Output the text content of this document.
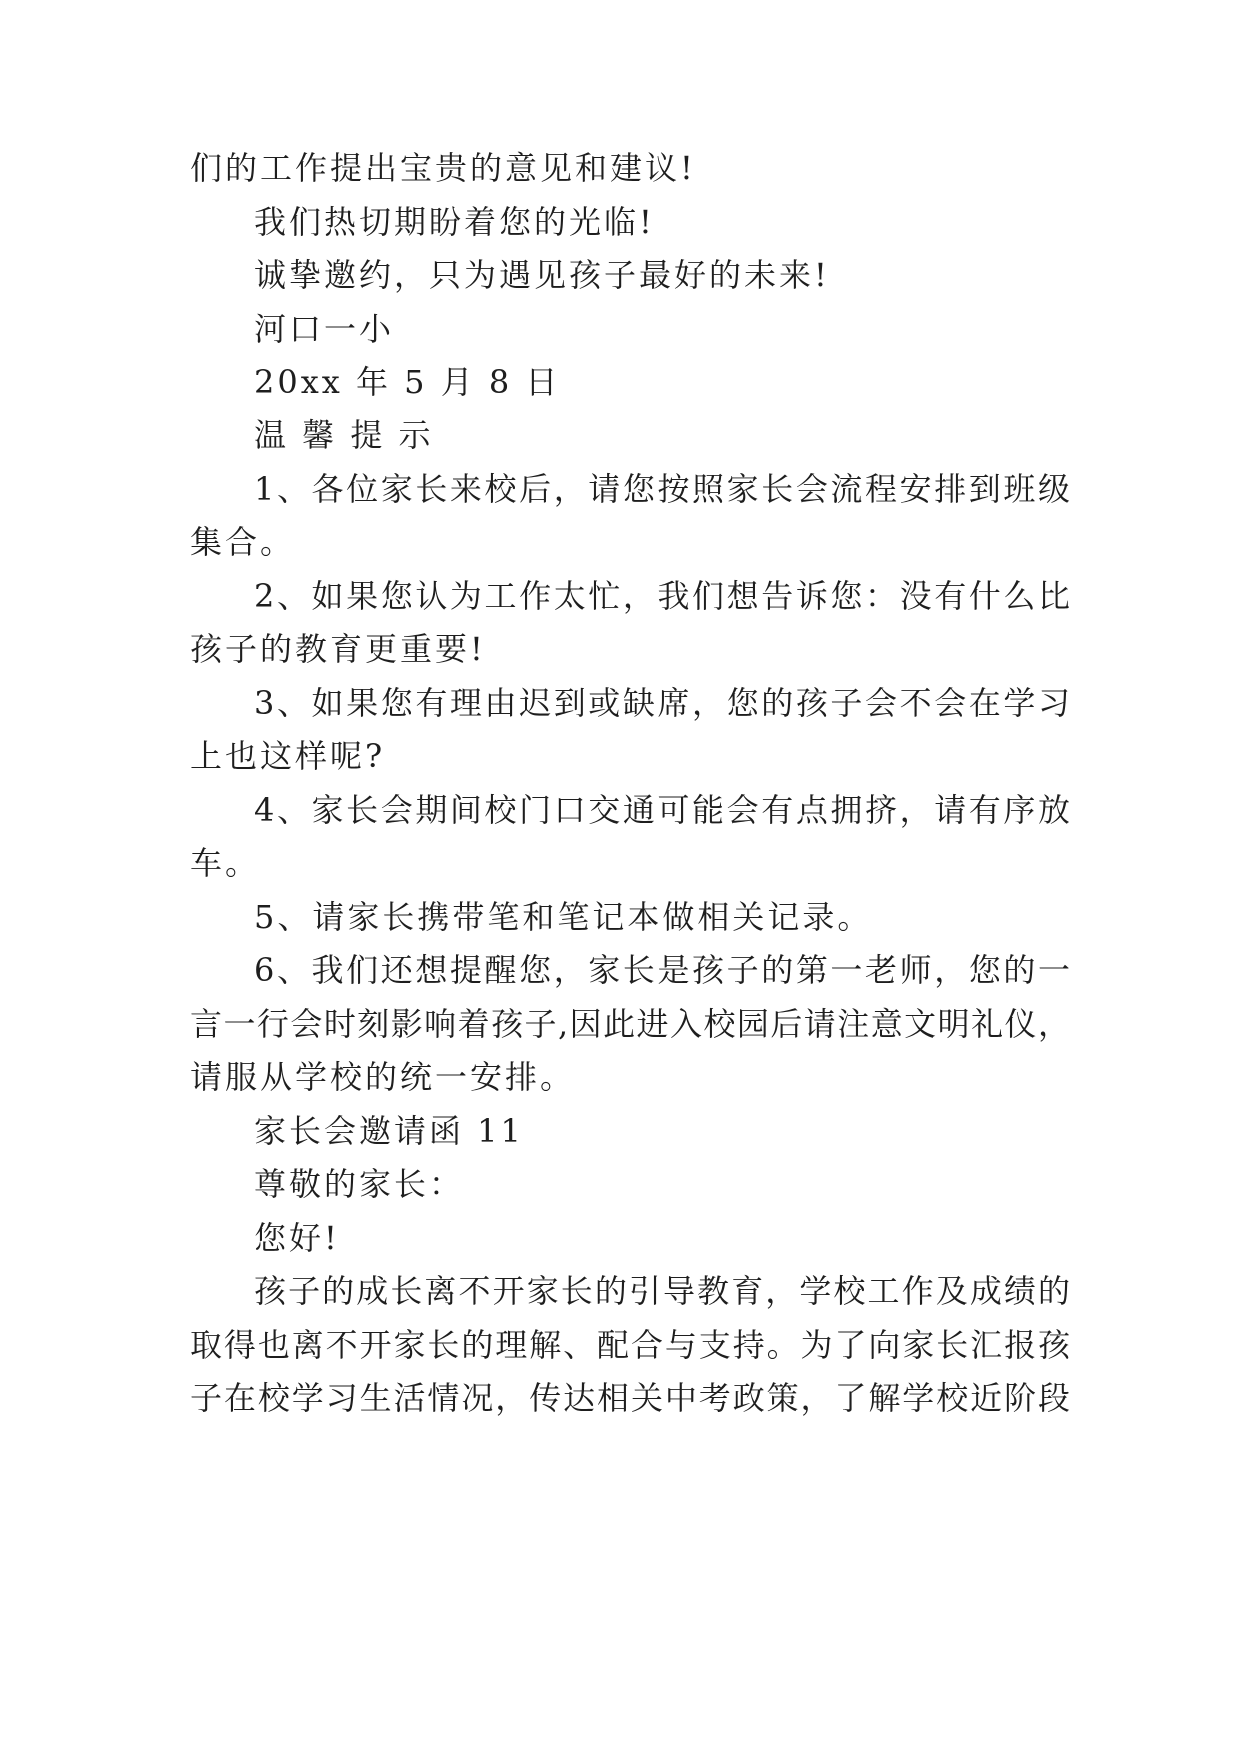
们的工作提出宝贵的意见和建议!
我们热切期盼着您的光临!
诚挚邀约，只为遇见孩子最好的未来!
河口一小
20xx 年 5 月 8 日
温 馨 提 示
1、各位家长来校后，请您按照家长会流程安排到班级
集合。
2、如果您认为工作太忙，我们想告诉您：没有什么比
孩子的教育更重要!
3、如果您有理由迟到或缺席，您的孩子会不会在学习
上也这样呢?
4、家长会期间校门口交通可能会有点拥挤，请有序放
车。
5、请家长携带笔和笔记本做相关记录。
6、我们还想提醒您，家长是孩子的第一老师，您的一
言一行会时刻影响着孩子,因此进入校园后请注意文明礼仪，
请服从学校的统一安排。
家长会邀请函 11
尊敬的家长：
您好!
孩子的成长离不开家长的引导教育，学校工作及成绩的
取得也离不开家长的理解、配合与支持。为了向家长汇报孩
子在校学习生活情况，传达相关中考政策，了解学校近阶段
